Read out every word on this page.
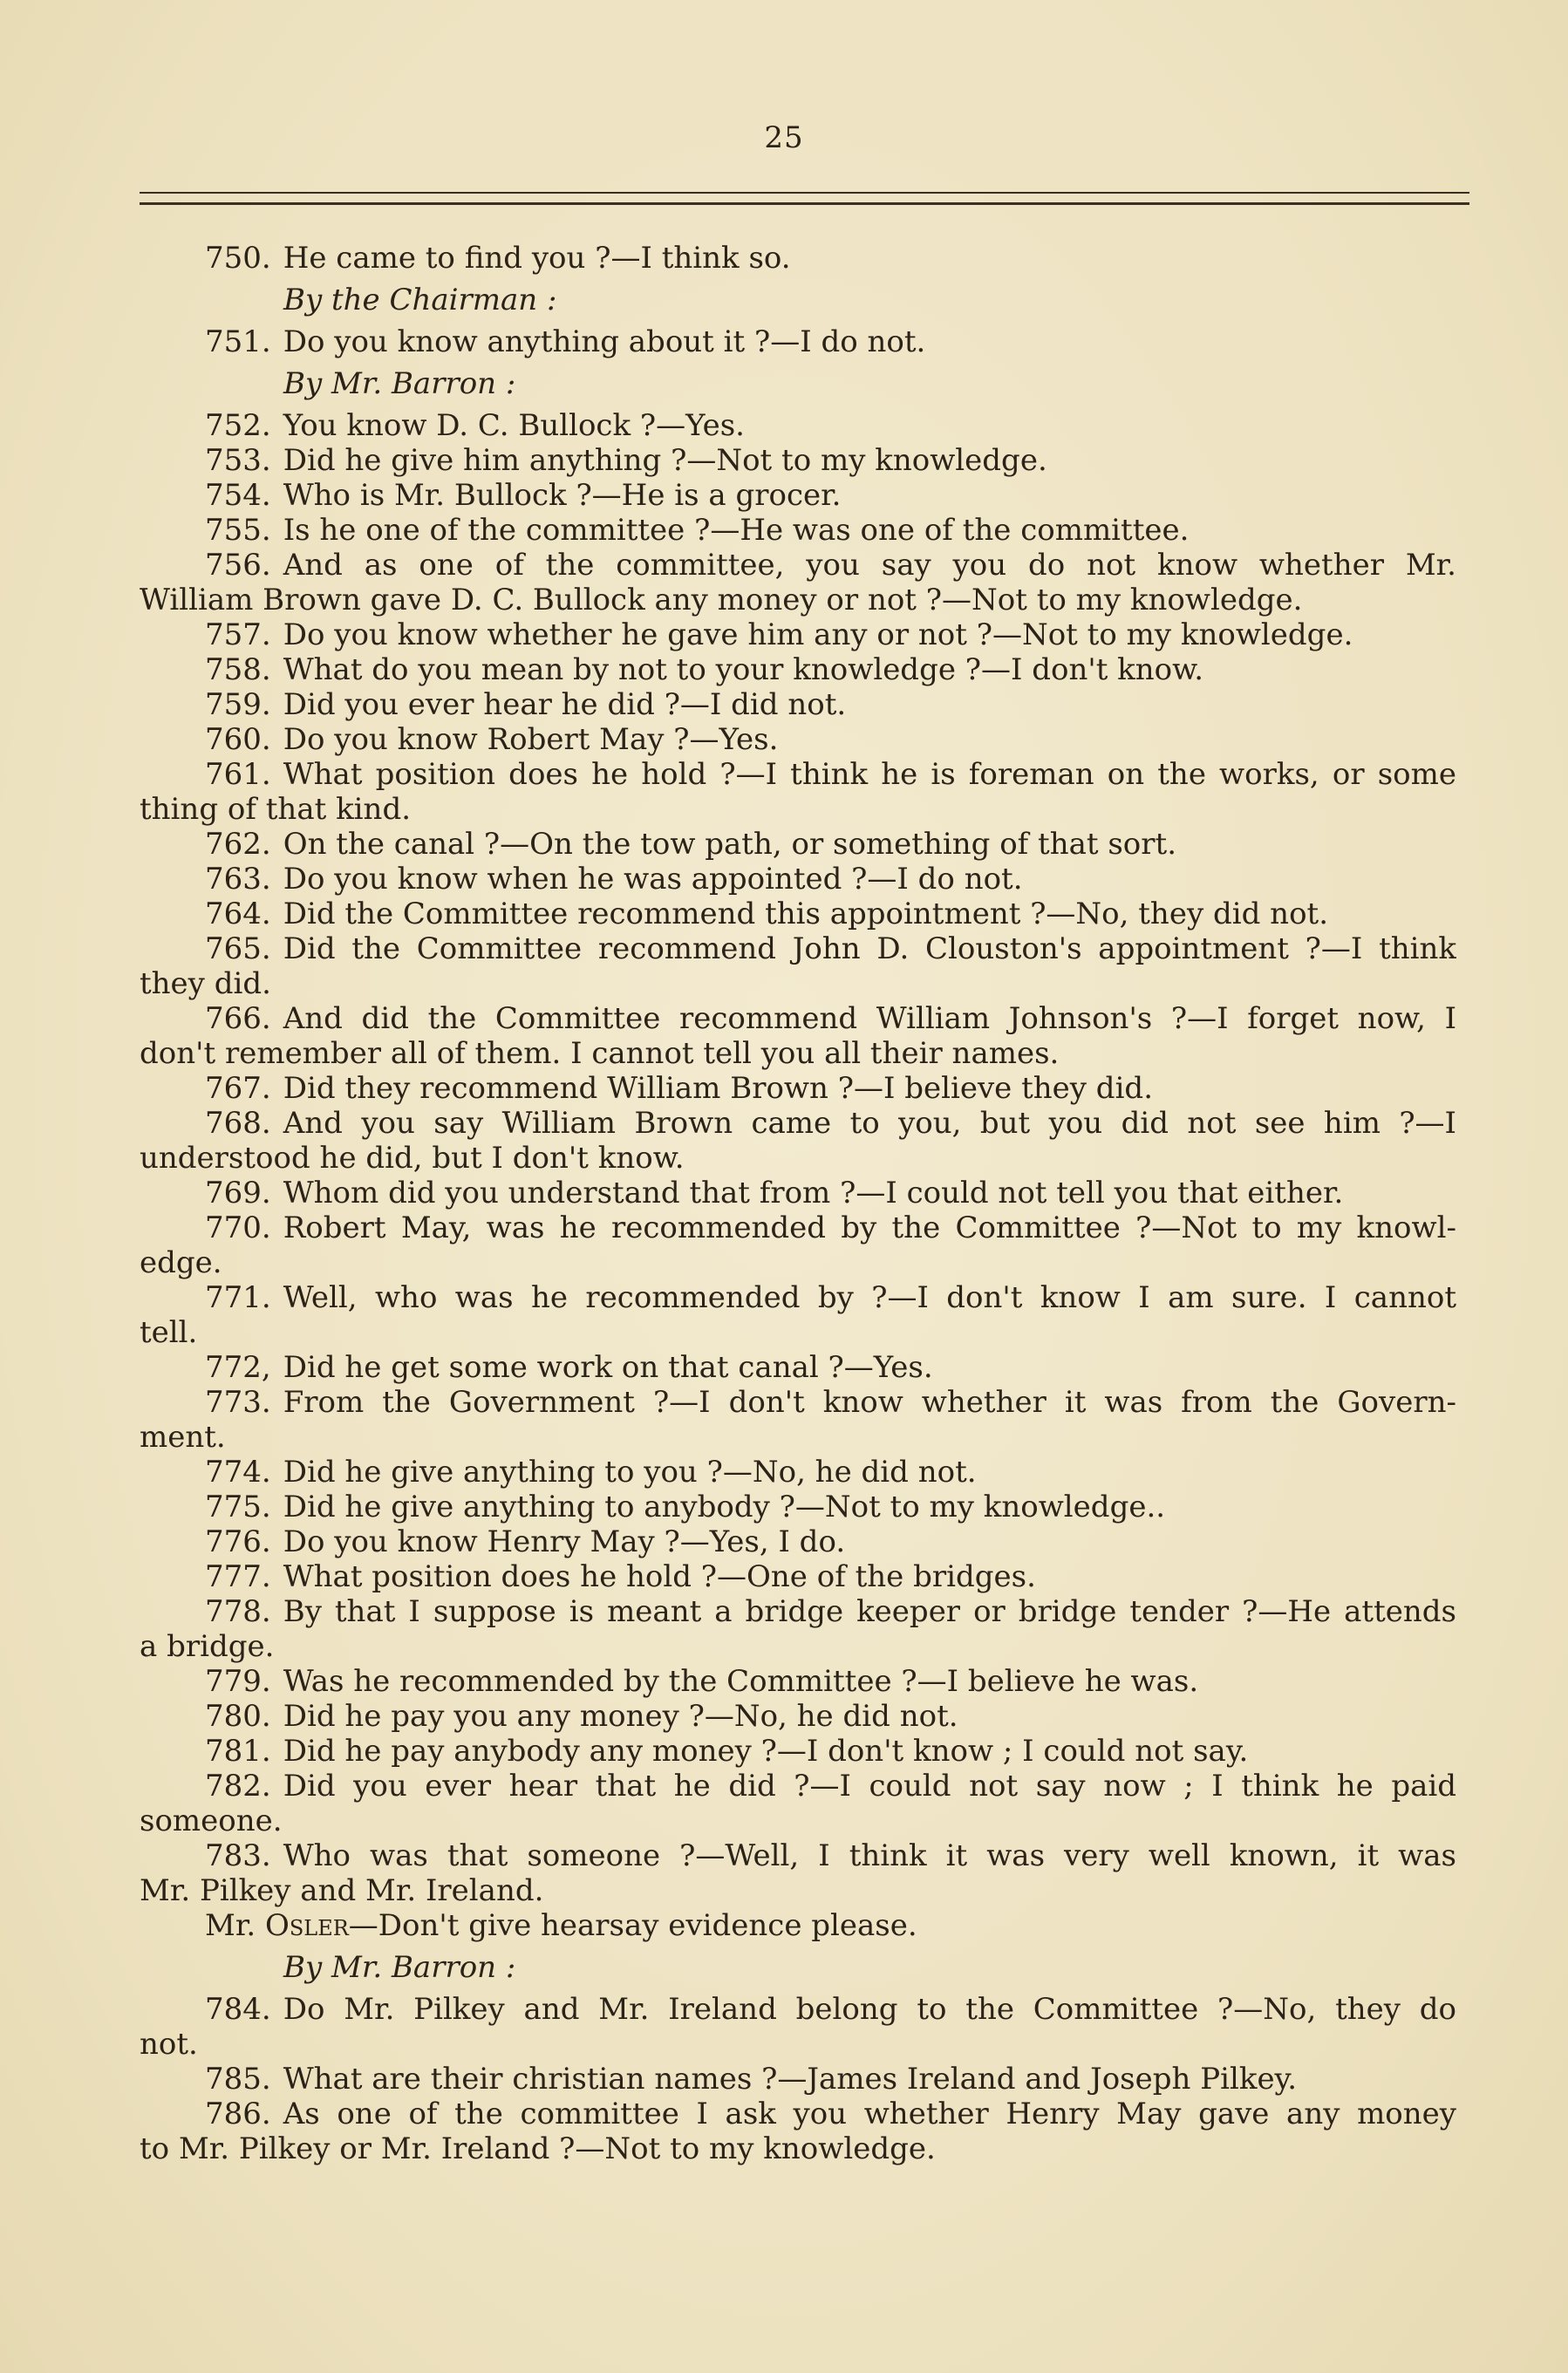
25
750. He came to find you ?—I think so.
By the Chairman :
751. Do you know anything about it ?—I do not.
By Mr. Barron :
752. You know D. C. Bullock ?—Yes.
753. Did he give him anything ?—Not to my knowledge.
754. Who is Mr. Bullock ?—He is a grocer.
755. Is he one of the committee ?—He was one of the committee.
756. And as one of the committee, you say you do not know whether Mr.
William Brown gave D. C. Bullock any money or not ?—Not to my knowledge.
757. Do you know whether he gave him any or not ?—Not to my knowledge.
758. What do you mean by not to your knowledge ?—I don't know.
759. Did you ever hear he did ?—I did not.
760. Do you know Robert May ?—Yes.
761. What position does he hold ?—I think he is foreman on the works, or some
thing of that kind.
762. On the canal ?—On the tow path, or something of that sort.
763. Do you know when he was appointed ?—I do not.
764. Did the Committee recommend this appointment ?—No, they did not.
765. Did the Committee recommend John D. Clouston's appointment ?—I think
they did.
766. And did the Committee recommend William Johnson's ?—I forget now, I
don't remember all of them. I cannot tell you all their names.
767. Did they recommend William Brown ?—I believe they did.
768. And you say William Brown came to you, but you did not see him ?—I
understood he did, but I don't know.
769. Whom did you understand that from ?—I could not tell you that either.
770. Robert May, was he recommended by the Committee ?—Not to my knowl-
edge.
771. Well, who was he recommended by ?—I don't know I am sure. I cannot
tell.
772, Did he get some work on that canal ?—Yes.
773. From the Government ?—I don't know whether it was from the Govern-
ment.
774. Did he give anything to you ?—No, he did not.
775. Did he give anything to anybody ?—Not to my knowledge..
776. Do you know Henry May ?—Yes, I do.
777. What position does he hold ?—One of the bridges.
778. By that I suppose is meant a bridge keeper or bridge tender ?—He attends
a bridge.
779. Was he recommended by the Committee ?—I believe he was.
780. Did he pay you any money ?—No, he did not.
781. Did he pay anybody any money ?—I don't know ; I could not say.
782. Did you ever hear that he did ?—I could not say now ; I think he paid
someone.
783. Who was that someone ?—Well, I think it was very well known, it was
Mr. Pilkey and Mr. Ireland.
Mr. Osler—Don't give hearsay evidence please.
By Mr. Barron :
784. Do Mr. Pilkey and Mr. Ireland belong to the Committee ?—No, they do
not.
785. What are their christian names ?—James Ireland and Joseph Pilkey.
786. As one of the committee I ask you whether Henry May gave any money
to Mr. Pilkey or Mr. Ireland ?—Not to my knowledge.
